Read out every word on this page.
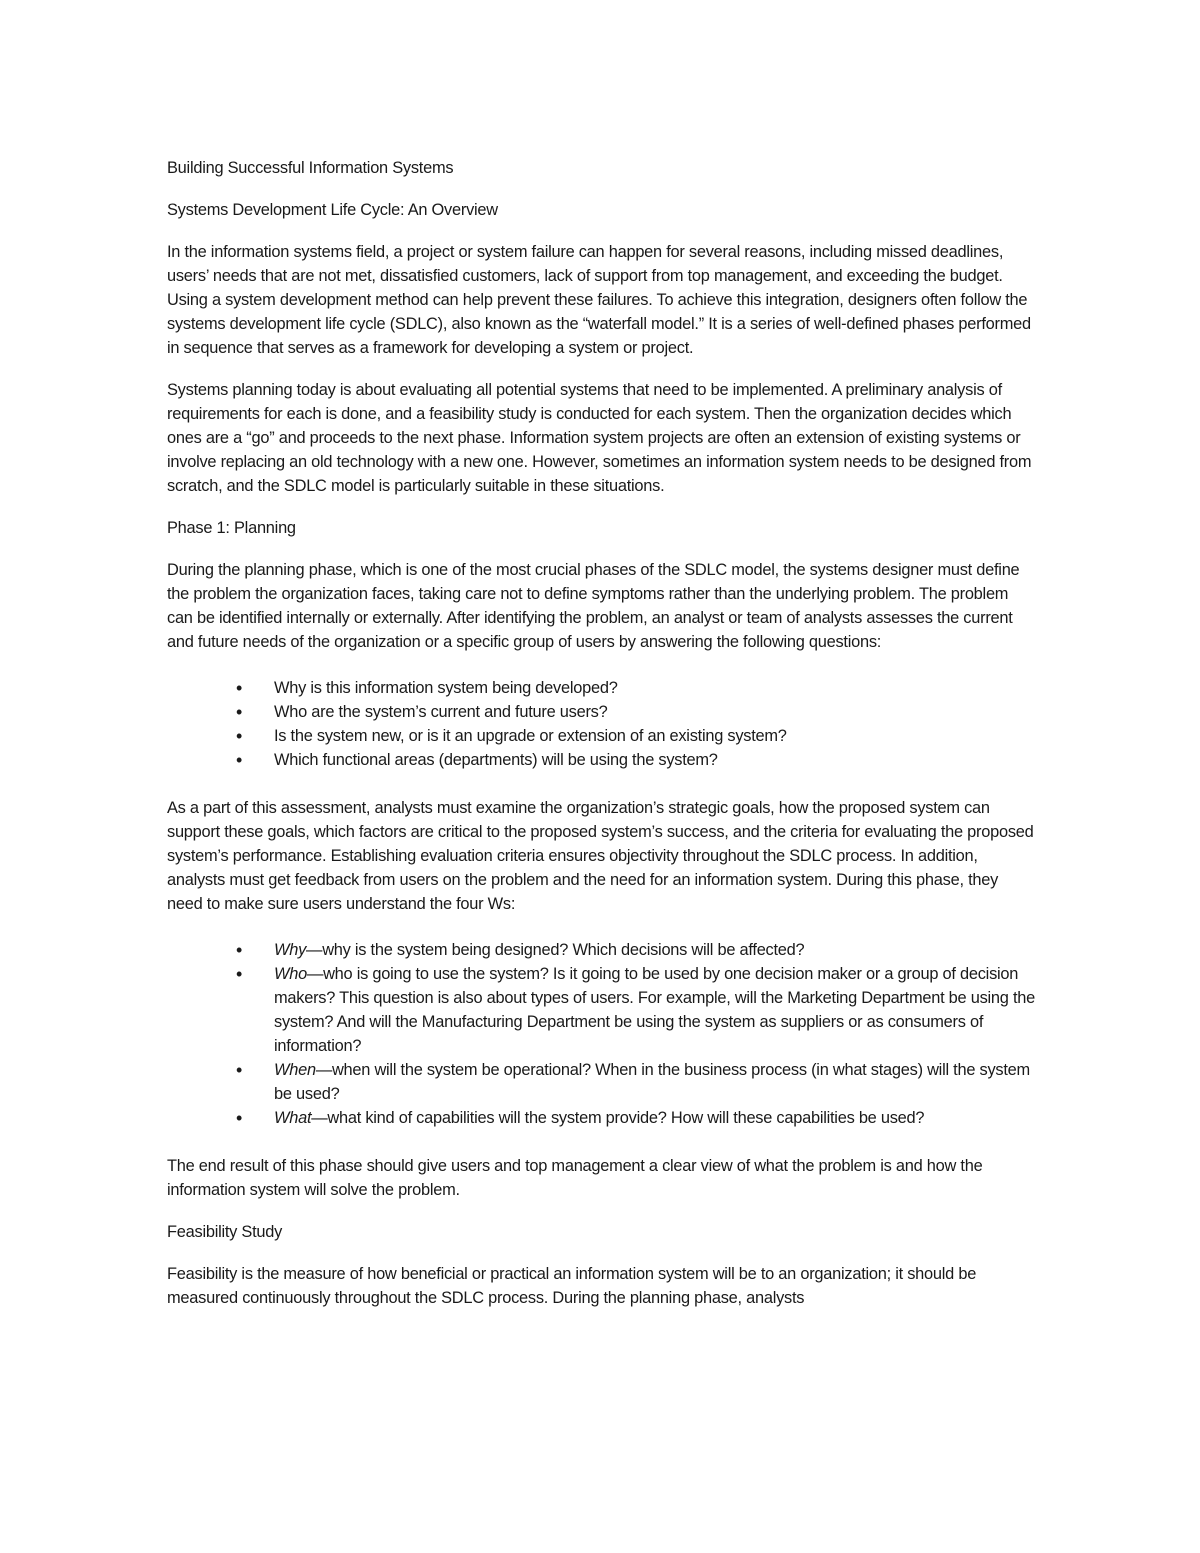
Building Successful Information Systems
Systems Development Life Cycle: An Overview

In the information systems field, a project or system failure can happen for several reasons, including missed deadlines, users’ needs that are not met, dissatisfied customers, lack of support from top management, and exceeding the budget. Using a system development method can help prevent these failures. To achieve this integration, designers often follow the systems development life cycle (SDLC), also known as the “waterfall model.” It is a series of well-defined phases performed in sequence that serves as a framework for developing a system or project.

Systems planning today is about evaluating all potential systems that need to be implemented. A preliminary analysis of requirements for each is done, and a feasibility study is conducted for each system. Then the organization decides which ones are a “go” and proceeds to the next phase. Information system projects are often an extension of existing systems or involve replacing an old technology with a new one. However, sometimes an information system needs to be designed from scratch, and the SDLC model is particularly suitable in these situations.

Phase 1: Planning

During the planning phase, which is one of the most crucial phases of the SDLC model, the systems designer must define the problem the organization faces, taking care not to define symptoms rather than the underlying problem. The problem can be identified internally or externally. After identifying the problem, an analyst or team of analysts assesses the current and future needs of the organization or a specific group of users by answering the following questions:

• Why is this information system being developed?
• Who are the system’s current and future users?
• Is the system new, or is it an upgrade or extension of an existing system?
• Which functional areas (departments) will be using the system?

As a part of this assessment, analysts must examine the organization’s strategic goals, how the proposed system can support these goals, which factors are critical to the proposed system’s success, and the criteria for evaluating the proposed system’s performance. Establishing evaluation criteria ensures objectivity throughout the SDLC process. In addition, analysts must get feedback from users on the problem and the need for an information system. During this phase, they need to make sure users understand the four Ws:

• Why—why is the system being designed? Which decisions will be affected?
• Who—who is going to use the system? Is it going to be used by one decision maker or a group of decision makers? This question is also about types of users. For example, will the Marketing Department be using the system? And will the Manufacturing Department be using the system as suppliers or as consumers of information?
• When—when will the system be operational? When in the business process (in what stages) will the system be used?
• What—what kind of capabilities will the system provide? How will these capabilities be used?

The end result of this phase should give users and top management a clear view of what the problem is and how the information system will solve the problem.

Feasibility Study

Feasibility is the measure of how beneficial or practical an information system will be to an organization; it should be measured continuously throughout the SDLC process. During the planning phase, analysts
